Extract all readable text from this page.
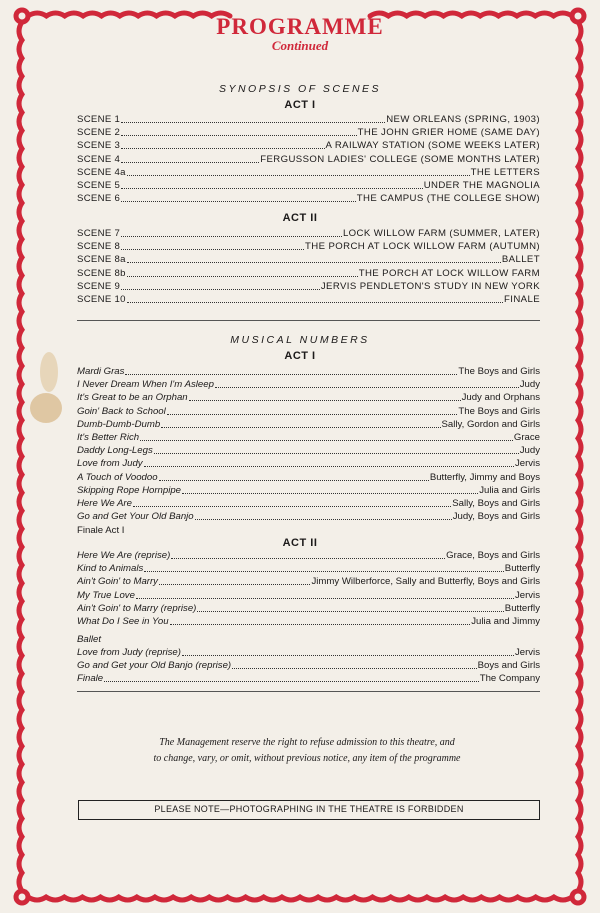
PROGRAMME
Continued
SYNOPSIS OF SCENES
ACT I
SCENE 1	NEW ORLEANS (SPRING, 1903)
SCENE 2	THE JOHN GRIER HOME (SAME DAY)
SCENE 3	A RAILWAY STATION (SOME WEEKS LATER)
SCENE 4	FERGUSSON LADIES' COLLEGE (SOME MONTHS LATER)
SCENE 4a	THE LETTERS
SCENE 5	UNDER THE MAGNOLIA
SCENE 6	THE CAMPUS (THE COLLEGE SHOW)
ACT II
SCENE 7	LOCK WILLOW FARM (SUMMER, LATER)
SCENE 8	THE PORCH AT LOCK WILLOW FARM (AUTUMN)
SCENE 8a	BALLET
SCENE 8b	THE PORCH AT LOCK WILLOW FARM
SCENE 9	JERVIS PENDLETON'S STUDY IN NEW YORK
SCENE 10	FINALE
MUSICAL NUMBERS
ACT I
Mardi Gras	The Boys and Girls
I Never Dream When I'm Asleep	Judy
It's Great to be an Orphan	Judy and Orphans
Goin' Back to School	The Boys and Girls
Dumb-Dumb-Dumb	Sally, Gordon and Girls
It's Better Rich	Grace
Daddy Long-Legs	Judy
Love from Judy	Jervis
A Touch of Voodoo	Butterfly, Jimmy and Boys
Skipping Rope Hornpipe	Julia and Girls
Here We Are	Sally, Boys and Girls
Go and Get Your Old Banjo	Judy, Boys and Girls
Finale Act I
ACT II
Here We Are (reprise)	Grace, Boys and Girls
Kind to Animals	Butterfly
Ain't Goin' to Marry	Jimmy Wilberforce, Sally and Butterfly, Boys and Girls
My True Love	Jervis
Ain't Goin' to Marry (reprise)	Butterfly
What Do I See in You	Julia and Jimmy
Ballet
Love from Judy (reprise)	Jervis
Go and Get your Old Banjo (reprise)	Boys and Girls
Finale	The Company
The Management reserve the right to refuse admission to this theatre, and
to change, vary, or omit, without previous notice, any item of the programme
PLEASE NOTE—PHOTOGRAPHING IN THE THEATRE IS FORBIDDEN
